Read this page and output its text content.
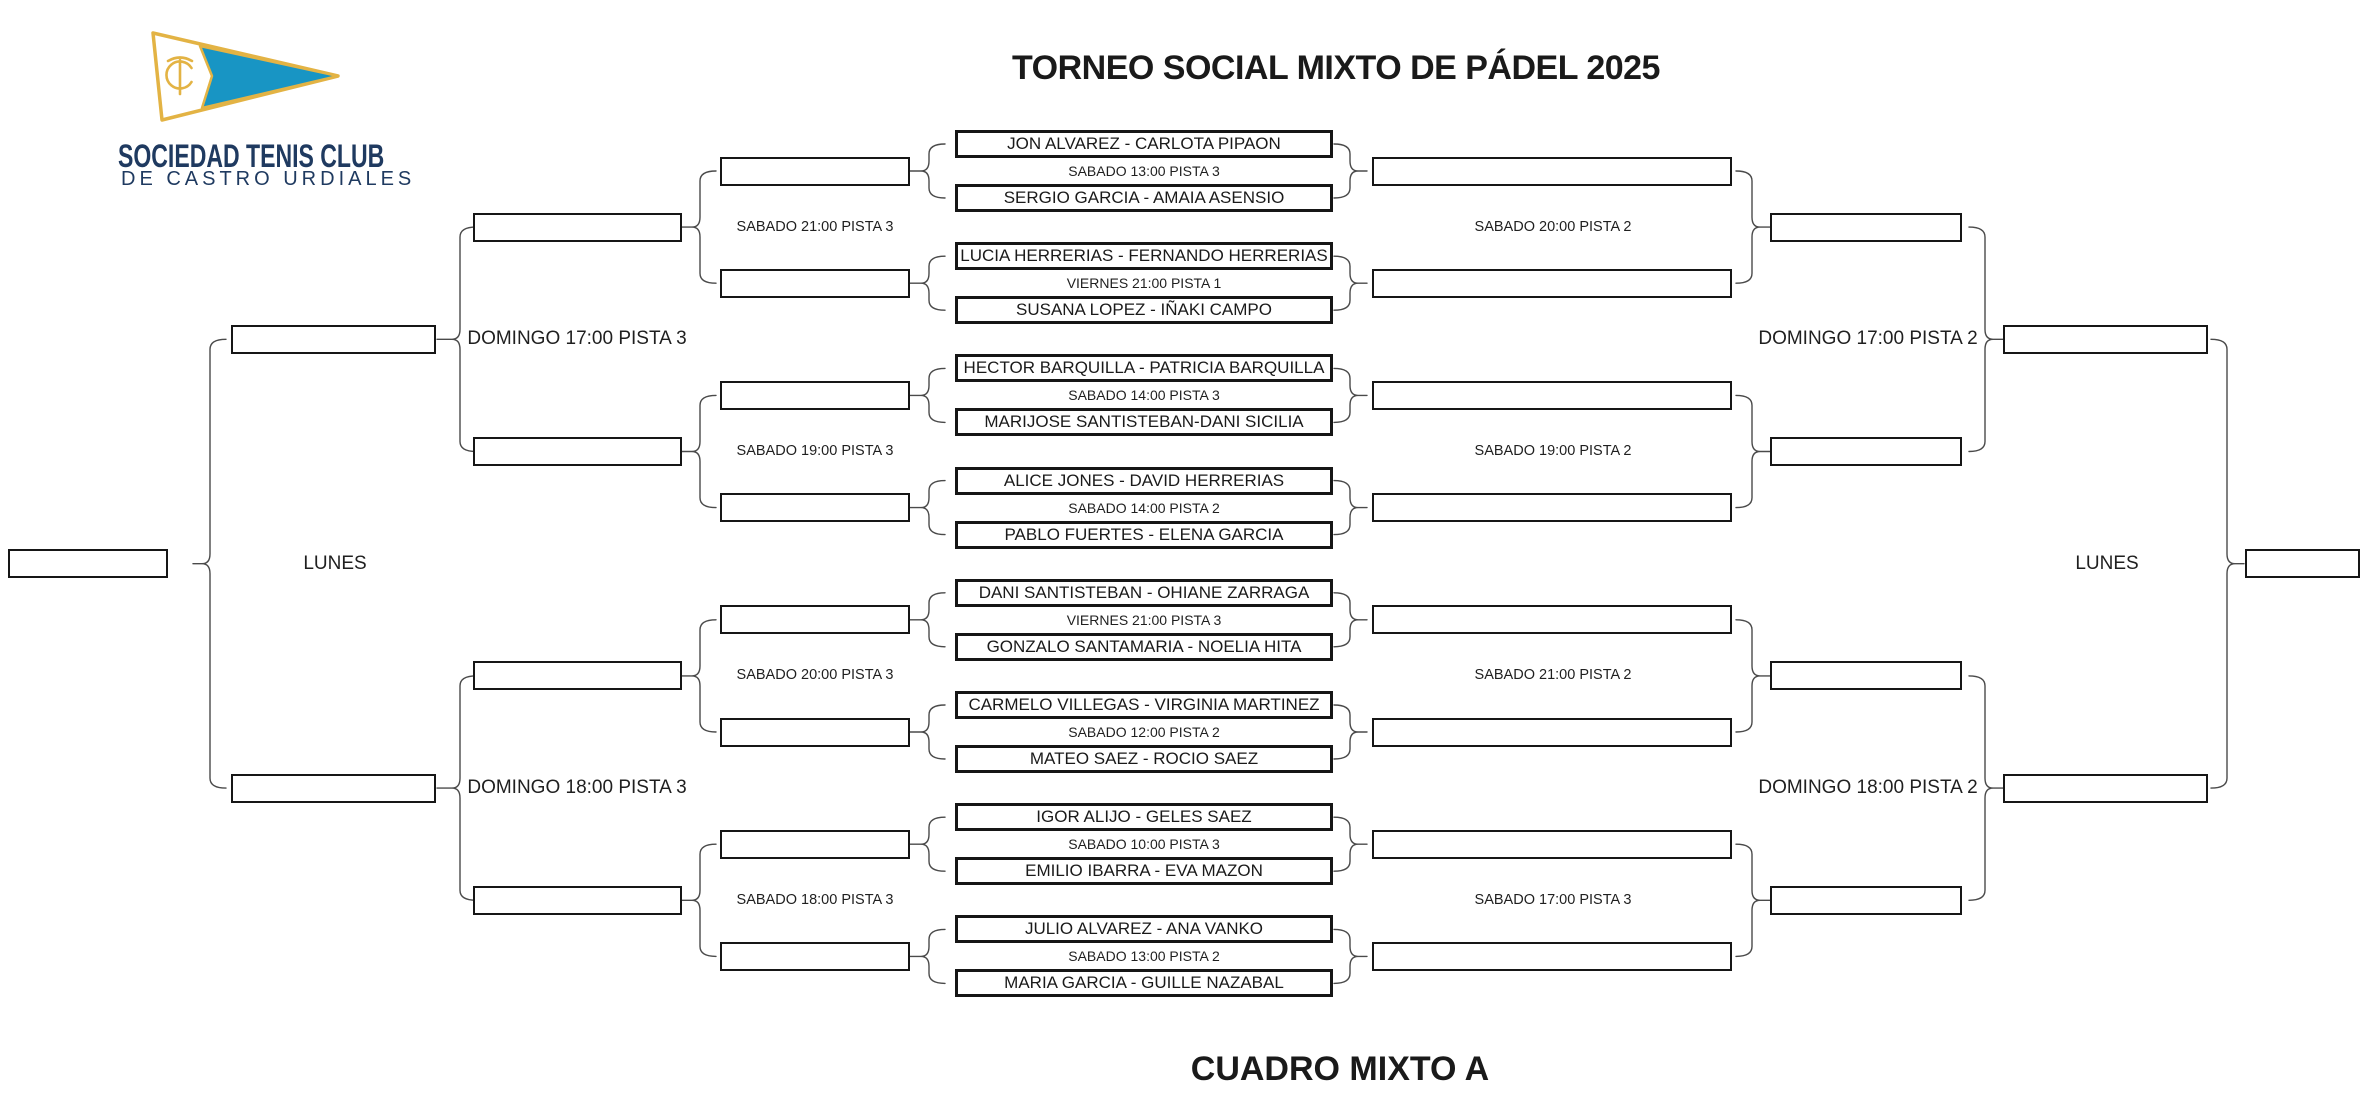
SOCIEDAD TENIS CLUB
DE CASTRO URDIALES
TORNEO SOCIAL MIXTO DE PÁDEL 2025
CUADRO MIXTO A
JON ALVAREZ - CARLOTA PIPAON
SABADO 13:00 PISTA 3
SERGIO GARCIA - AMAIA ASENSIO
LUCIA HERRERIAS - FERNANDO HERRERIAS
VIERNES 21:00 PISTA 1
SUSANA LOPEZ - IÑAKI CAMPO
HECTOR BARQUILLA - PATRICIA BARQUILLA
SABADO 14:00 PISTA 3
MARIJOSE SANTISTEBAN-DANI SICILIA
ALICE JONES - DAVID HERRERIAS
SABADO 14:00 PISTA 2
PABLO FUERTES - ELENA GARCIA
DANI SANTISTEBAN - OHIANE ZARRAGA
VIERNES 21:00 PISTA 3
GONZALO SANTAMARIA - NOELIA HITA
CARMELO VILLEGAS - VIRGINIA MARTINEZ
SABADO 12:00 PISTA 2
MATEO SAEZ - ROCIO SAEZ
IGOR ALIJO - GELES SAEZ
SABADO 10:00 PISTA 3
EMILIO IBARRA - EVA MAZON
JULIO ALVAREZ - ANA VANKO
SABADO 13:00 PISTA 2
MARIA GARCIA - GUILLE NAZABAL
SABADO 21:00 PISTA 3	SABADO 20:00 PISTA 2
SABADO 19:00 PISTA 3	SABADO 19:00 PISTA 2
SABADO 20:00 PISTA 3	SABADO 21:00 PISTA 2
SABADO 18:00 PISTA 3	SABADO 17:00 PISTA 3
DOMINGO 17:00 PISTA 3	DOMINGO 17:00 PISTA 2
DOMINGO 18:00 PISTA 3	DOMINGO 18:00 PISTA 2
LUNES	LUNES
